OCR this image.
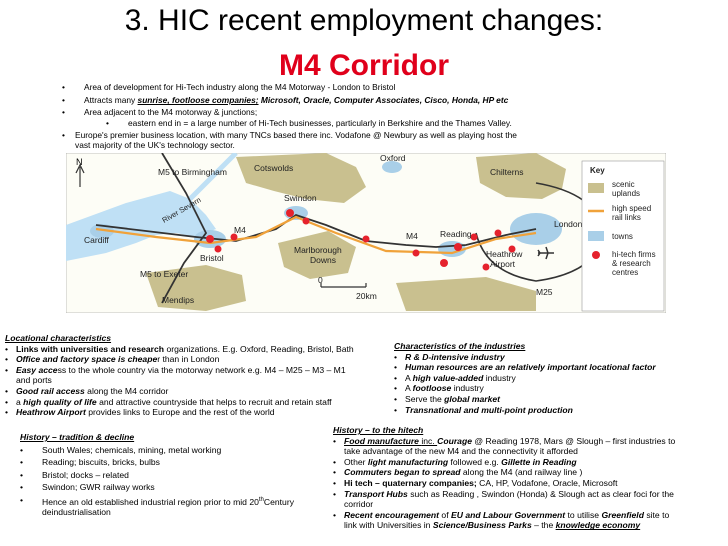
3. HIC recent employment changes:
M4 Corridor
• Area of development for Hi-Tech industry along the M4 Motorway - London to Bristol
• Attracts many sunrise, footloose companies; Microsoft, Oracle, Computer Associates, Cisco, Honda, HP etc
• Area adjacent to the M4 motorway & junctions;
• eastern end in = a large number of Hi-Tech businesses, particularly in Berkshire and the Thames Valley.
• Europe's premier business location, with many TNCs based there inc. Vodafone @ Newbury as well as playing host the
vast majority of the UK's technology sector.
N
M5 to Birmingham	Cotswolds
Oxford
Chilterns
Swindon
Cardiff
River Severn
M4
Bristol
Marlborough
Downs
M4	Reading
London
Heathrow
Airport
M5 to Exeter
Mendips
0
20km	M25
Key
scenic
uplands
high speed
rail links
towns
hi-tech firms
& research
centres
Locational characteristics
• Links with universities and research organizations. E.g. Oxford, Reading, Bristol, Bath
• Office and factory space is cheaper than in London
• Easy access to the whole country via the motorway network e.g. M4 – M25 – M3 – M1
and ports
• Good rail access along the M4 corridor
• a high quality of life and attractive countryside that helps to recruit and retain staff
• Heathrow Airport provides links to Europe and the rest of the world
Characteristics of the industries
• R & D-intensive industry
• Human resources are an relatively important locational factor
• A high value-added industry
• A footloose industry
• Serve the global market
• Transnational and multi-point production
History – tradition & decline
•	South Wales; chemicals, mining, metal working
•	Reading; biscuits, bricks, bulbs
•	Bristol; docks – related
•	Swindon; GWR railway works
•	Hence an old established industrial region prior to mid 20thCentury
deindustrialisation
History – to the hitech
• Food manufacture inc. Courage @ Reading 1978, Mars @ Slough – first industries to
take advantage of the new M4 and the connectivity it afforded
• Other light manufacturing followed e.g. Gillette in Reading
• Commuters began to spread along the M4 (and railway line )
• Hi tech – quaternary companies; CA, HP, Vodafone, Oracle, Microsoft
• Transport Hubs such as Reading , Swindon (Honda) & Slough act as clear foci for the
corridor
• Recent encouragement of EU and Labour Government to utilise Greenfield site to
link with Universities in Science/Business Parks – the knowledge economy
